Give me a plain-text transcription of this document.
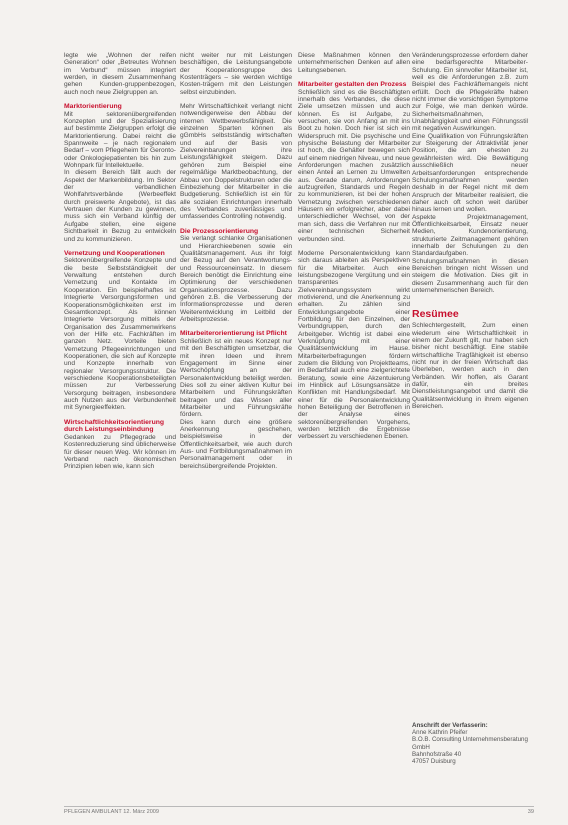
legte wie „Wohnen der reifen Generation“ oder „Betreutes Wohnen im Verbund“ müssen integriert werden, in diesem Zusammenhang gehen Kunden-gruppenbezogen, auch noch neue Zielgruppen an.

Marktorientierung

Mit sektorenübergreifenden Konzepten und der Spezialisierung auf bestimmte Zielgruppen erfolgt die Marktorientierung. Dabei reicht die Spannweite – je nach regionalem Bedarf – vom Pflegeheim für Geronto- oder Onkologiepatienten bis hin zum Wohnpark für Intellektuelle.

In diesem Bereich fällt auch der Aspekt der Markenbildung. Im Sektor der verbandlichen Wohlfahrtsverbände (Werbeeffekt durch preiswerte Angebote), ist das Vertrauen der Kunden zu gewinnen, muss sich ein Verband künftig der Aufgabe stellen, eine eigene Sichtbarkeit in Bezug zu entwickeln und zu kommunizieren.

Vernetzung und Kooperationen

Sektorenübergreifende Konzepte und die beste Selbstständigkeit der Verwaltung entstehen durch Vernetzung und Kontakte im Kooperation. Ein beispielhaftes ist Integrierte Versorgungsformen und Kooperationsmöglichkeiten erst im Gesamtkonzept. Als können Integrierte Versorgung mittels der Organisation des Zusammenwirkens von der Hilfe etc. Fachkräften im ganzen Netz. Vorteile bieten Vernetzung Pflegeeinrichtungen und Kooperationen, die sich auf Konzepte und Konzepte innerhalb von regionaler Versorgungsstruktur. Die verschiedene Kooperationsbeteiligten müssen zur Verbesserung Versorgung beitragen, insbesondere auch Nutzen aus der Verbundenheit mit Synergieeffekten.

Wirtschaftlichkeitsorientierung durch Leistungseinbindung

Gedanken zu Pflegegrade und Kostenreduzierung sind üblicherweise für dieser neuen Weg. Wir können im Verband nach ökonomischen Prinzipien leben wie, kann sich

nicht weiter nur mit Leistungen beschäftigen, die Leistungsangebote der Kooperationsgruppe des Kostenträgers – sie werden wichtige Kosten-trägern mit den Leistungen selbst einzubinden.

Mehr Wirtschaftlichkeit verlangt nicht notwendigerweise den Abbau der internen Wettbewerbsfähigkeit. Die einzelnen Sparten können als gGmbHs selbstständig wirtschaften und auf der Basis von Zielvereinbarungen ihre Leistungsfähigkeit steigern. Dazu gehören zum Beispiel eine regelmäßige Marktbeobachtung, der Abbau von Doppelstrukturen oder die Einbeziehung der Mitarbeiter in die Budgetierung. Schließlich ist ein für alle sozialen Einrichtungen innerhalb des Verbandes zuverlässiges und umfassendes Controlling notwendig.

Die Prozessorientierung

Sie verlangt schlanke Organisationen und Hierarchieebenen sowie ein Qualitätsmanagement. Aus ihr folgt der Bezug auf den Verantwortungs- und Ressourceneinsatz. In diesem Bereich benötigt die Einrichtung eine Optimierung der verschiedenen Organisationsprozesse. Dazu gehören z.B. die Verbesserung der Informationsprozesse und deren Weiterentwicklung im Leitbild der Arbeitsprozesse.

Mitarbeiterorientierung ist Pflicht

Schließlich ist ein neues Konzept nur mit den Beschäftigten umsetzbar, die mit ihren Ideen und ihrem Engagement im Sinne einer Wertschöpfung an der Personalentwicklung beteiligt werden. Dies soll zu einer aktiven Kultur bei Mitarbeitern und Führungskräften beitragen und das Wissen aller Mitarbeiter und Führungskräfte fördern.

Dies kann durch eine größere Anerkennung geschehen, beispielsweise in der Öffentlichkeitsarbeit, wie auch durch Aus- und Fortbildungsmaßnahmen im Personalmanagement oder in bereichsübergreifende Projekten.

Diese Maßnahmen können den unternehmerischen Denken auf allen Leitungsebenen.

Mitarbeiter gestalten den Prozess

Schließlich sind es die Beschäftigten innerhalb des Verbandes, die diese Ziele umsetzen müssen und auch können. Es ist Aufgabe, zu versuchen, sie von Anfang an mit ins Boot zu holen. Doch hier ist sich ein Widerspruch mit. Die psychische und physische Belastung der Mitarbeiter ist hoch, die Gehälter bewegen sich auf einem niedrigen Niveau, und neue Anforderungen machen zusätzlich einen Anteil an Lernen zu Umwelten aus. Gerade darum, Anforderungen aufzugreifen, Standards und Regeln zu kommunizieren, ist bei der hohen Vernetzung zwischen verschiedenen Häusern ein erfolgreicher, aber dabei unterschiedlicher Wechsel, von der man sich, dass die Verfahren nur mit einer technischen Sicherheit verbunden sind.

Moderne Personalentwicklung kann sich daraus ableiten als Perspektiven für die Mitarbeiter. Auch eine leistungsbezogene Vergütung und ein transparentes Zielvereinbarungssystem wirkt motivierend, und die Anerkennung zu erhalten. Zu zählen sind Entwicklungsangebote einer Fortbildung für den Einzelnen, der Verbundgruppen, durch den Arbeitgeber. Wichtig ist dabei eine Verknüpfung mit einer Qualitätsentwicklung im Hause. Mitarbeiterbefragungen fördern zudem die Bildung von Projektteams, im Bedarfsfall auch eine zielgerichtete Beratung, sowie eine Akzentuierung im Hinblick auf Lösungsansätze in Konflikten mit Handlungsbedarf. Mit einer für die Personalentwicklung hohen Beteiligung der Betroffenen in der Analyse eines sektorenübergreifenden Vorgehens, werden letztlich die Ergebnisse verbessert zu verschiedenen Ebenen.

Veränderungsprozesse erfordern daher eine bedarfsgerechte Mitarbeiter-Schulung. Ein sinnvoller Mitarbeiter ist, weil es die Anforderungen z.B. zum Beispiel des Fachkräftemangels nicht erfüllt. Doch die Pflegekräfte haben nicht immer die vorsichtigen Symptome zur Folge, wie man denken würde. Sicherheitsmaßnahmen, Unabhängigkeit und einen Führungsstil mit negativen Auswirkungen.

Eine Qualifikation von Führungskräften zur Steigerung der Attraktivität jener Position, die am ehesten zu gewährleisten wird. Die Bewältigung ausschließlich neuer Arbeitsanforderungen entsprechende Schulungsmaßnahmen werden deshalb in der Regel nicht mit dem Anspruch der Mitarbeiter realisiert, die daher auch oft schon weit darüber hinaus lernen und wollen.

Aspekte Projektmanagement, Öffentlichkeitsarbeit, Einsatz neuer Medien, Kundenorientierung, strukturierte Zeitmanagement gehören innerhalb der Schulungen zu den Standardaufgaben. Schulungsmaßnahmen in diesen Bereichen bringen nicht Wissen und steigern die Motivation. Dies gilt in diesem Zusammenhang auch für den unternehmerischen Bereich.

Resümee

Schlechtergestellt, Zum einen wiederum eine Wirtschaftlichkeit in einem der Zukunft gilt, nur haben sich bisher nicht beschäftigt. Eine stabile wirtschaftliche Tragfähigkeit ist ebenso nicht nur in der freien Wirtschaft das Überleben, werden auch in den Verbänden. Wir hoffen, als Garant dafür, ein breites Dienstleistungsangebot und damit die Qualitätsentwicklung in ihrem eigenen Bereichen.

Anschrift der Verfasserin:
Anne Kathrin Pfeifer
B.O.B. Consulting Unternehmensberatung GmbH
Bahnhofstraße 40
47057 Duisburg
PFLEGEN AMBULANT 12. März 2009	39
